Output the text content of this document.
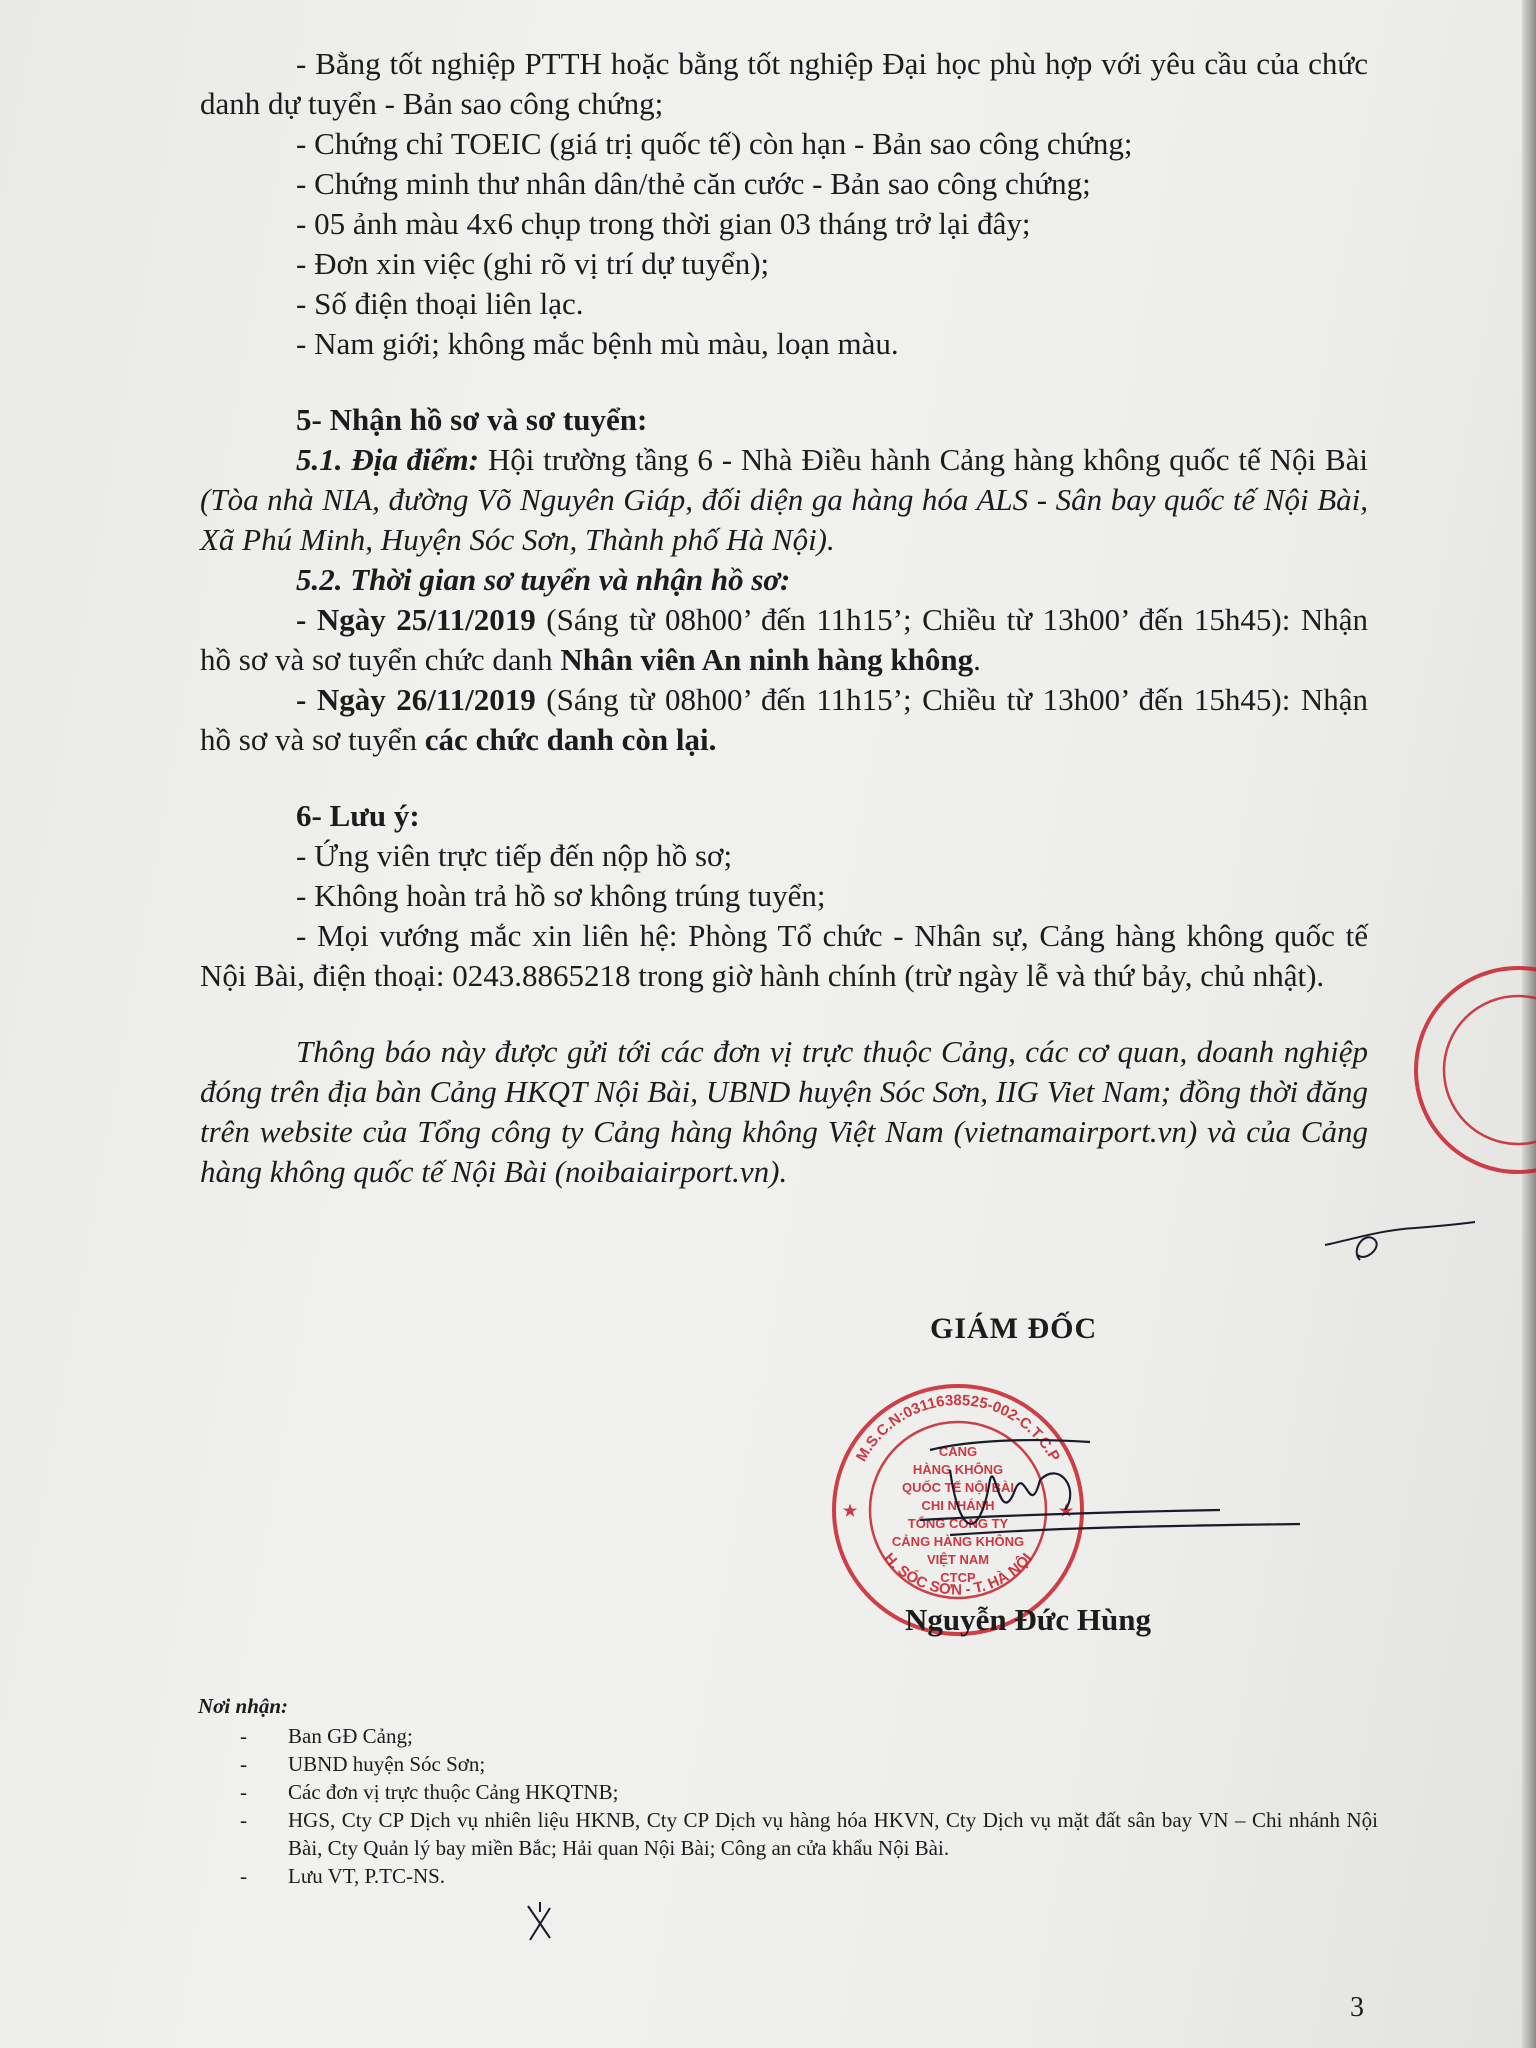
- Bằng tốt nghiệp PTTH hoặc bằng tốt nghiệp Đại học phù hợp với yêu cầu của chức danh dự tuyển - Bản sao công chứng;

- Chứng chỉ TOEIC (giá trị quốc tế) còn hạn - Bản sao công chứng;

- Chứng minh thư nhân dân/thẻ căn cước - Bản sao công chứng;

- 05 ảnh màu 4x6 chụp trong thời gian 03 tháng trở lại đây;

- Đơn xin việc (ghi rõ vị trí dự tuyển);

- Số điện thoại liên lạc.

- Nam giới; không mắc bệnh mù màu, loạn màu.

5- Nhận hồ sơ và sơ tuyển:

5.1. Địa điểm: Hội trường tầng 6 - Nhà Điều hành Cảng hàng không quốc tế Nội Bài (Tòa nhà NIA, đường Võ Nguyên Giáp, đối diện ga hàng hóa ALS - Sân bay quốc tế Nội Bài, Xã Phú Minh, Huyện Sóc Sơn, Thành phố Hà Nội).

5.2. Thời gian sơ tuyển và nhận hồ sơ:

- Ngày 25/11/2019 (Sáng từ 08h00’ đến 11h15’; Chiều từ 13h00’ đến 15h45): Nhận hồ sơ và sơ tuyển chức danh Nhân viên An ninh hàng không.

- Ngày 26/11/2019 (Sáng từ 08h00’ đến 11h15’; Chiều từ 13h00’ đến 15h45): Nhận hồ sơ và sơ tuyển các chức danh còn lại.

6- Lưu ý:

- Ứng viên trực tiếp đến nộp hồ sơ;

- Không hoàn trả hồ sơ không trúng tuyển;

- Mọi vướng mắc xin liên hệ: Phòng Tổ chức - Nhân sự, Cảng hàng không quốc tế Nội Bài, điện thoại: 0243.8865218 trong giờ hành chính (trừ ngày lễ và thứ bảy, chủ nhật).

Thông báo này được gửi tới các đơn vị trực thuộc Cảng, các cơ quan, doanh nghiệp đóng trên địa bàn Cảng HKQT Nội Bài, UBND huyện Sóc Sơn, IIG Viet Nam; đồng thời đăng trên website của Tổng công ty Cảng hàng không Việt Nam (vietnamairport.vn) và của Cảng hàng không quốc tế Nội Bài (noibaiairport.vn).

GIÁM ĐỐC
M.S.C.N:0311638525-002-C.T.C.P
H. SÓC SƠN - T. HÀ NỘI
CẢNG
HÀNG KHÔNG
QUỐC TẾ NỘI BÀI
CHI NHÁNH
TỔNG CÔNG TY
CẢNG HÀNG KHÔNG
VIỆT NAM
CTCP
★	★
Nguyễn Đức Hùng
Nơi nhận:
- Ban GĐ Cảng;
- UBND huyện Sóc Sơn;
- Các đơn vị trực thuộc Cảng HKQTNB;
- HGS, Cty CP Dịch vụ nhiên liệu HKNB, Cty CP Dịch vụ hàng hóa HKVN, Cty Dịch vụ mặt đất sân bay VN – Chi nhánh Nội Bài, Cty Quản lý bay miền Bắc; Hải quan Nội Bài; Công an cửa khẩu Nội Bài.
- Lưu VT, P.TC-NS.
3
